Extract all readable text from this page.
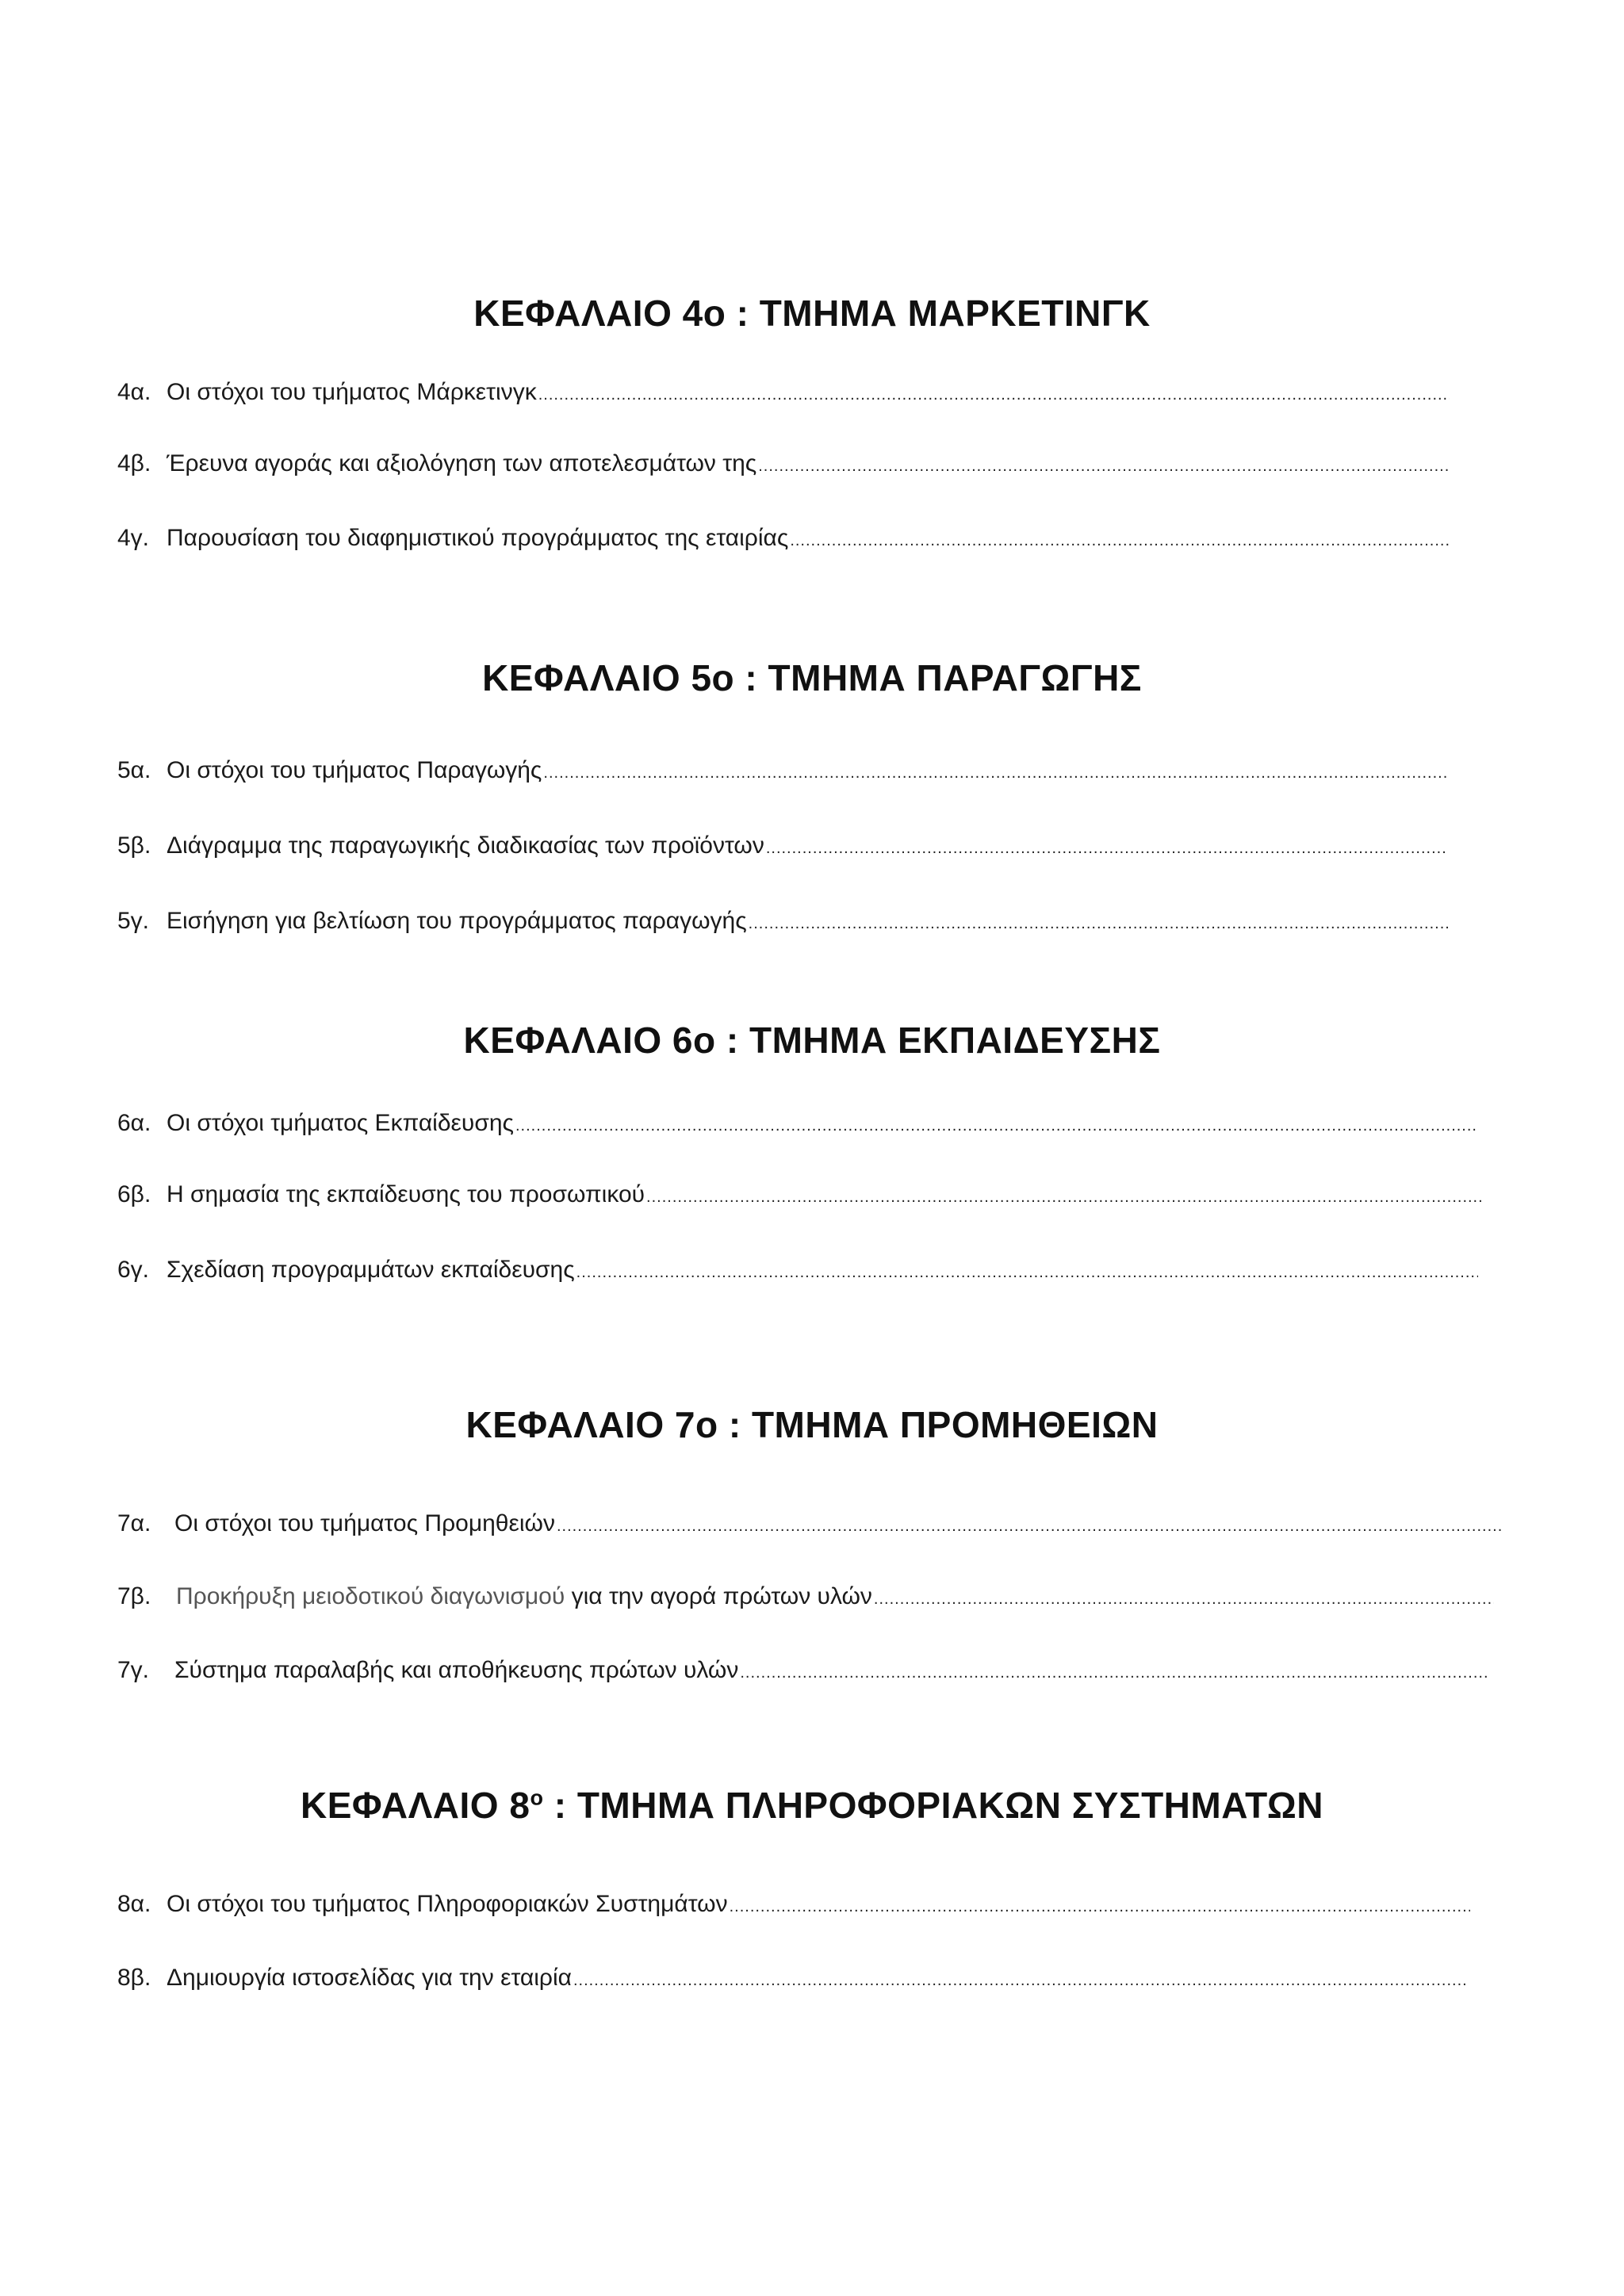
ΚΕΦΑΛΑΙΟ 4ο : ΤΜΗΜΑ ΜΑΡΚΕΤΙΝΓΚ
4α. Οι στόχοι του τμήματος Μάρκετινγκ
.....
4β. Έρευνα αγοράς και αξιολόγηση των αποτελεσμάτων της
.....
4γ. Παρουσίαση του διαφημιστικού προγράμματος της εταιρίας
.....
ΚΕΦΑΛΑΙΟ 5ο : ΤΜΗΜΑ ΠΑΡΑΓΩΓΗΣ
5α. Οι στόχοι του τμήματος Παραγωγής
.....
5β. Διάγραμμα της παραγωγικής διαδικασίας των προϊόντων
.....
5γ. Εισήγηση για βελτίωση του προγράμματος παραγωγής
.....
ΚΕΦΑΛΑΙΟ 6ο : ΤΜΗΜΑ ΕΚΠΑΙΔΕΥΣΗΣ
6α. Οι στόχοι τμήματος Εκπαίδευσης
.....
6β. Η σημασία της εκπαίδευσης του προσωπικού
.....
6γ. Σχεδίαση προγραμμάτων εκπαίδευσης
.....
ΚΕΦΑΛΑΙΟ 7ο : ΤΜΗΜΑ ΠΡΟΜΗΘΕΙΩΝ
7α. Οι στόχοι του τμήματος Προμηθειών
.....
7β.	Προκήρυξη μειοδοτικού διαγωνισμού για την αγορά πρώτων υλών
.....
7γ.	Σύστημα παραλαβής και αποθήκευσης πρώτων υλών
.....
ΚΕΦΑΛΑΙΟ $8^o$ : ΤΜΗΜΑ ΠΛΗΡΟΦΟΡΙΑΚΩΝ ΣΥΣΤΗΜΑΤΩΝ
8α. Οι στόχοι του τμήματος Πληροφοριακών Συστημάτων
.....
8β. Δημιουργία ιστοσελίδας για την εταιρία
.....
